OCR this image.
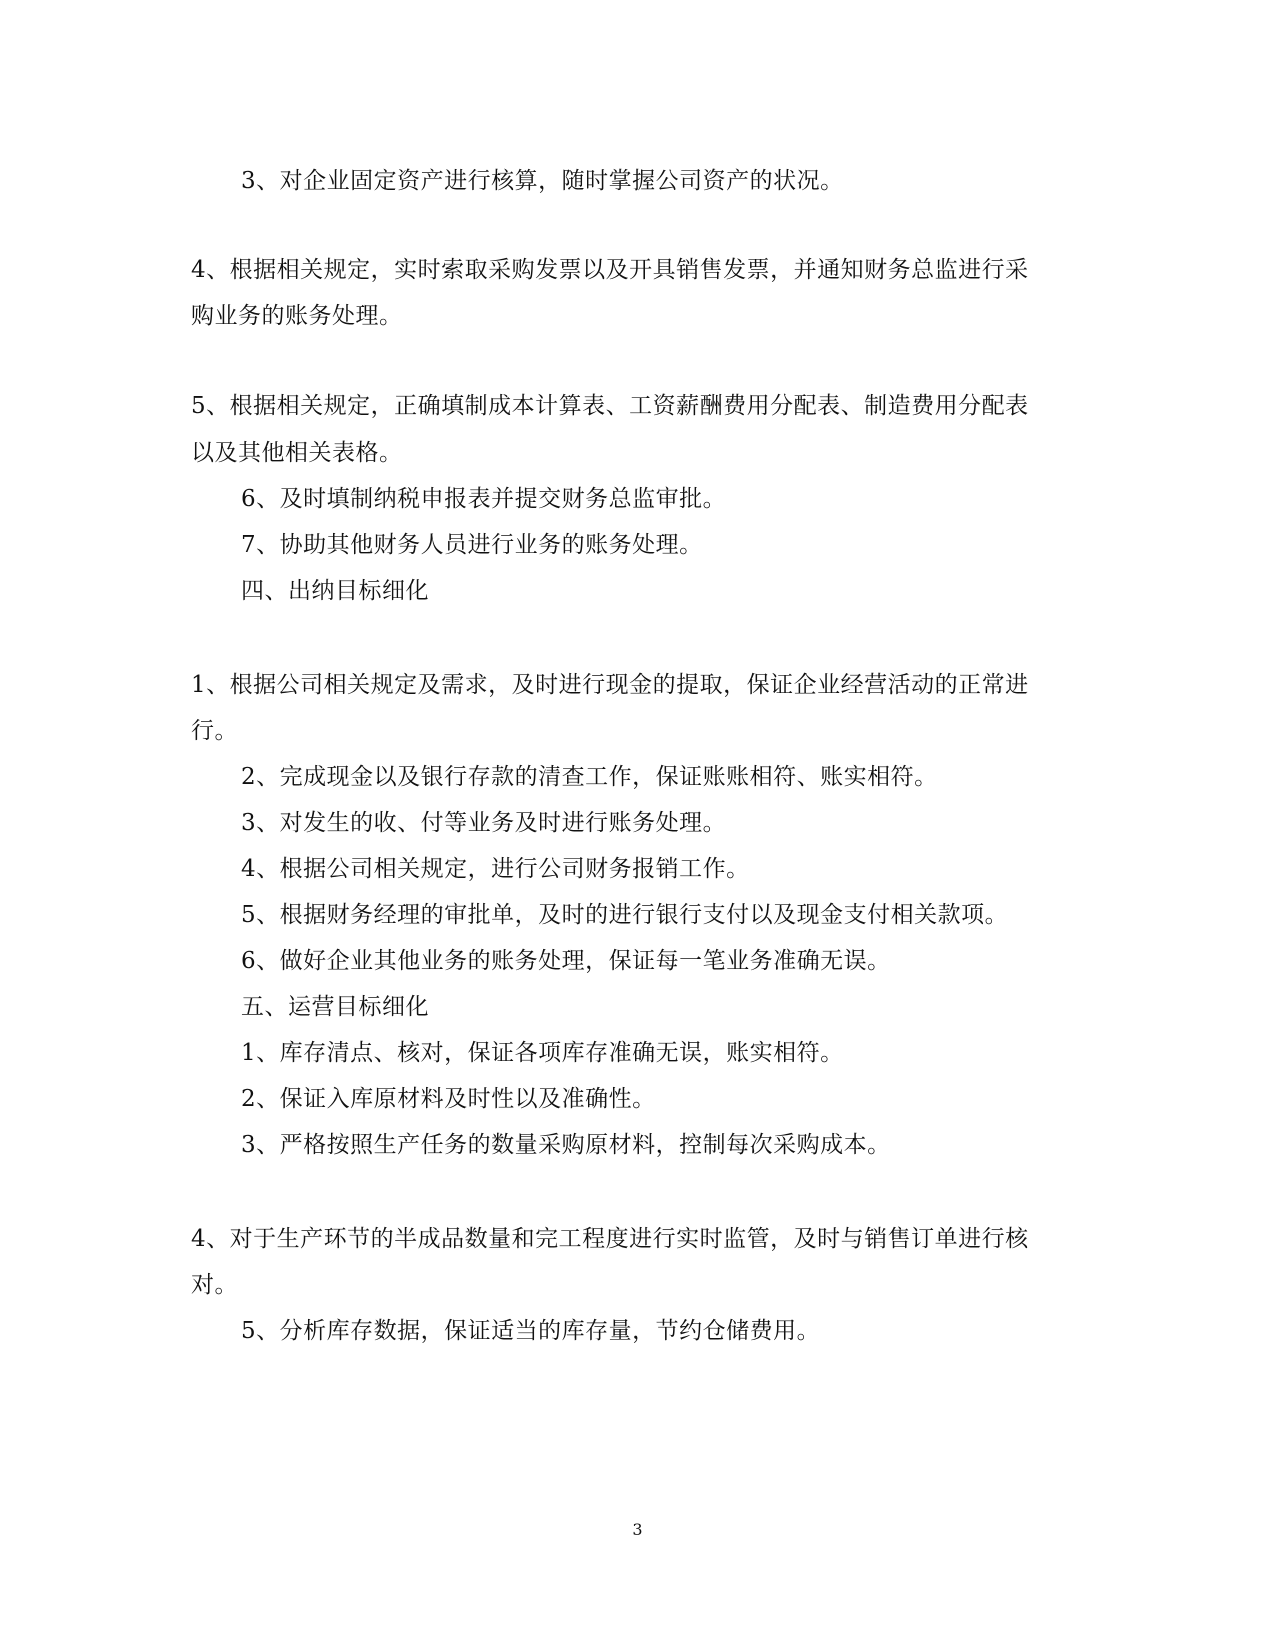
3、对企业固定资产进行核算，随时掌握公司资产的状况。
4、根据相关规定，实时索取采购发票以及开具销售发票，并通知财务总监进行采
购业务的账务处理。
5、根据相关规定，正确填制成本计算表、工资薪酬费用分配表、制造费用分配表
以及其他相关表格。
6、及时填制纳税申报表并提交财务总监审批。
7、协助其他财务人员进行业务的账务处理。
四、出纳目标细化
1、根据公司相关规定及需求，及时进行现金的提取，保证企业经营活动的正常进
行。
2、完成现金以及银行存款的清查工作，保证账账相符、账实相符。
3、对发生的收、付等业务及时进行账务处理。
4、根据公司相关规定，进行公司财务报销工作。
5、根据财务经理的审批单，及时的进行银行支付以及现金支付相关款项。
6、做好企业其他业务的账务处理，保证每一笔业务准确无误。
五、运营目标细化
1、库存清点、核对，保证各项库存准确无误，账实相符。
2、保证入库原材料及时性以及准确性。
3、严格按照生产任务的数量采购原材料，控制每次采购成本。
4、对于生产环节的半成品数量和完工程度进行实时监管，及时与销售订单进行核
对。
5、分析库存数据，保证适当的库存量，节约仓储费用。
3
